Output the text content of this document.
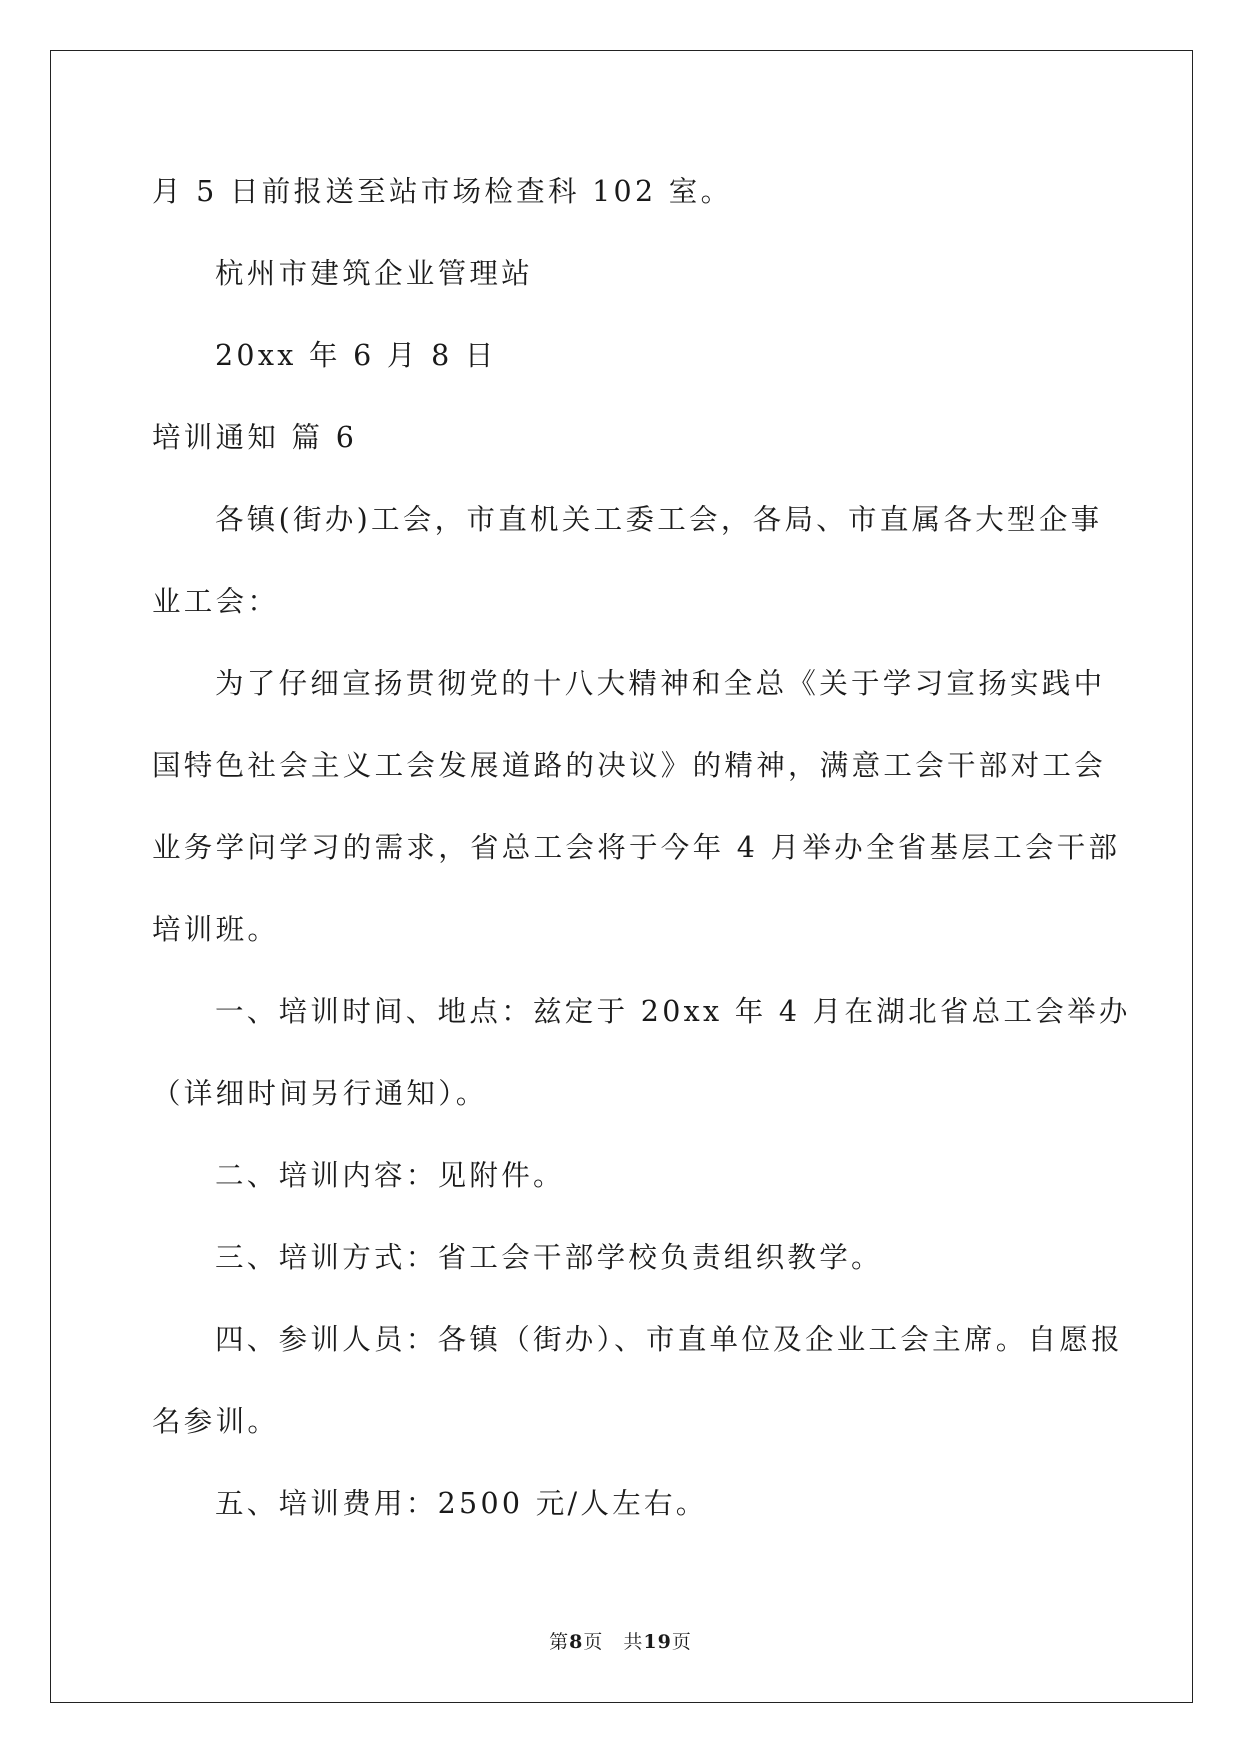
月 5 日前报送至站市场检查科 102 室。
杭州市建筑企业管理站
20xx 年 6 月 8 日
培训通知 篇 6
各镇(街办)工会，市直机关工委工会，各局、市直属各大型企事
业工会：
为了仔细宣扬贯彻党的十八大精神和全总《关于学习宣扬实践中
国特色社会主义工会发展道路的决议》的精神，满意工会干部对工会
业务学问学习的需求，省总工会将于今年 4 月举办全省基层工会干部
培训班。
一、培训时间、地点：兹定于 20xx 年 4 月在湖北省总工会举办
（详细时间另行通知）。
二、培训内容：见附件。
三、培训方式：省工会干部学校负责组织教学。
四、参训人员：各镇（街办）、市直单位及企业工会主席。自愿报
名参训。
五、培训费用：2500 元/人左右。
第8页 共19页
